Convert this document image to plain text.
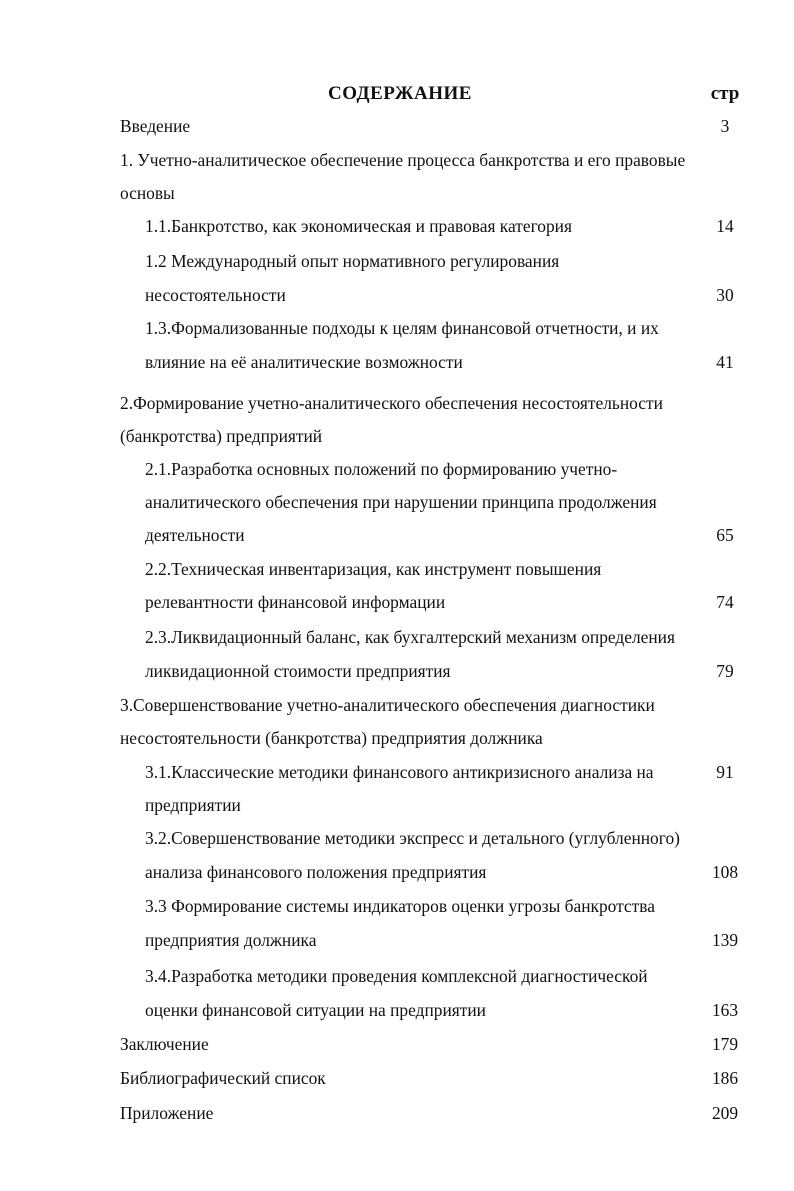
СОДЕРЖАНИЕ	стр
Введение	3
1. Учетно-аналитическое обеспечение процесса банкротства и его правовые
основы
1.1.Банкротство, как экономическая и правовая категория	14
1.2 Международный опыт нормативного регулирования
несостоятельности	30
1.3.Формализованные подходы к целям финансовой отчетности, и их
влияние на её аналитические возможности	41
2.Формирование учетно-аналитического обеспечения несостоятельности
(банкротства) предприятий
2.1.Разработка основных положений по формированию учетно-
аналитического обеспечения при нарушении принципа продолжения
деятельности	65
2.2.Техническая инвентаризация, как инструмент повышения
релевантности финансовой информации	74
2.3.Ликвидационный баланс, как бухгалтерский механизм определения
ликвидационной стоимости предприятия	79
3.Совершенствование учетно-аналитического обеспечения диагностики
несостоятельности (банкротства) предприятия должника
3.1.Классические методики финансового антикризисного анализа на	91
предприятии
3.2.Совершенствование методики экспресс и детального (углубленного)
анализа финансового положения предприятия	108
3.3 Формирование системы индикаторов оценки угрозы банкротства
предприятия должника	139
3.4.Разработка методики проведения комплексной диагностической
оценки финансовой ситуации на предприятии	163
Заключение	179
Библиографический список	186
Приложение	209
